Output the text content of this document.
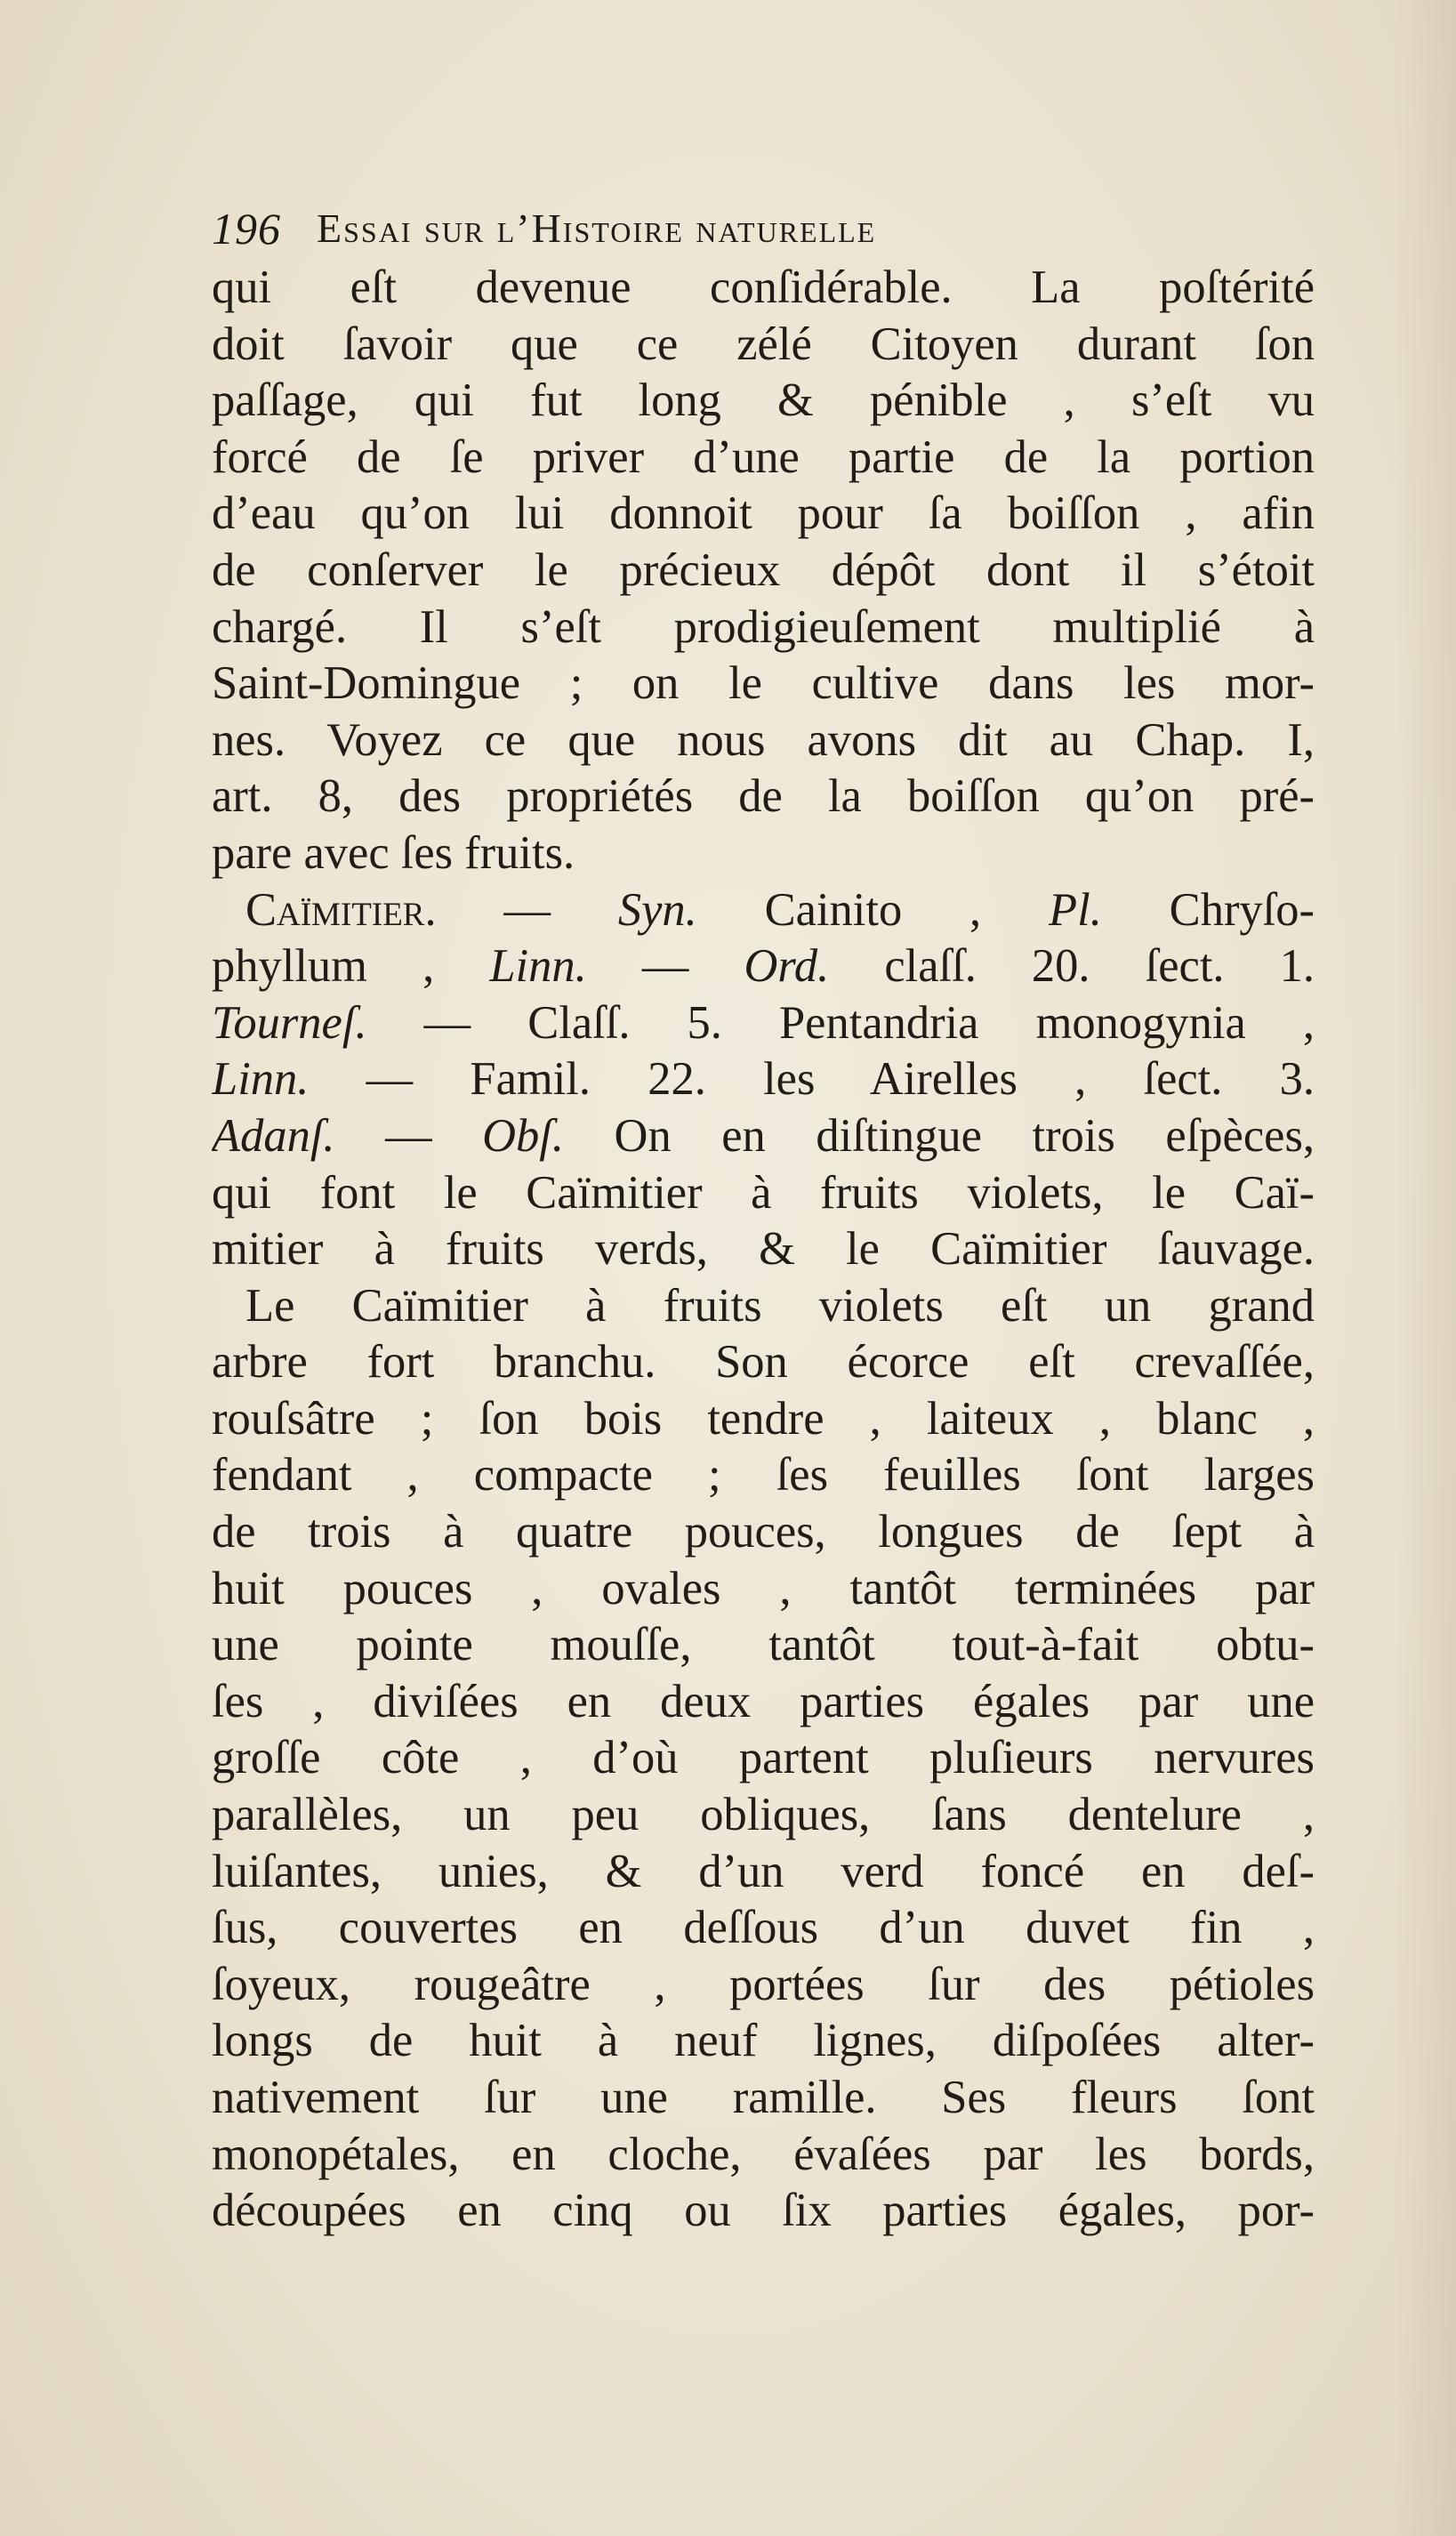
196 Essai sur l’Histoire naturelle
qui eſt devenue conſidérable. La poſtérité
doit ſavoir que ce zélé Citoyen durant ſon
paſſage, qui fut long & pénible , s’eſt vu
forcé de ſe priver d’une partie de la portion
d’eau qu’on lui donnoit pour ſa boiſſon , afin
de conſerver le précieux dépôt dont il s’étoit
chargé. Il s’eſt prodigieuſement multiplié à
Saint-Domingue ; on le cultive dans les mor-
nes. Voyez ce que nous avons dit au Chap. I,
art. 8, des propriétés de la boiſſon qu’on pré-
pare avec ſes fruits.
Caïmitier. — Syn. Cainito , Pl. Chryſo-
phyllum , Linn. — Ord. claſſ. 20. ſect. 1.
Tourneſ. — Claſſ. 5. Pentandria monogynia ,
Linn. — Famil. 22. les Airelles , ſect. 3.
Adanſ. — Obſ. On en diſtingue trois eſpèces,
qui font le Caïmitier à fruits violets, le Caï-
mitier à fruits verds, & le Caïmitier ſauvage.
Le Caïmitier à fruits violets eſt un grand
arbre fort branchu. Son écorce eſt crevaſſée,
rouſsâtre ; ſon bois tendre , laiteux , blanc ,
fendant , compacte ; ſes feuilles ſont larges
de trois à quatre pouces, longues de ſept à
huit pouces , ovales , tantôt terminées par
une pointe mouſſe, tantôt tout-à-fait obtu-
ſes , diviſées en deux parties égales par une
groſſe côte , d’où partent pluſieurs nervures
parallèles, un peu obliques, ſans dentelure ,
luiſantes, unies, & d’un verd foncé en deſ-
ſus, couvertes en deſſous d’un duvet fin ,
ſoyeux, rougeâtre , portées ſur des pétioles
longs de huit à neuf lignes, diſpoſées alter-
nativement ſur une ramille. Ses fleurs ſont
monopétales, en cloche, évaſées par les bords,
découpées en cinq ou ſix parties égales, por-
